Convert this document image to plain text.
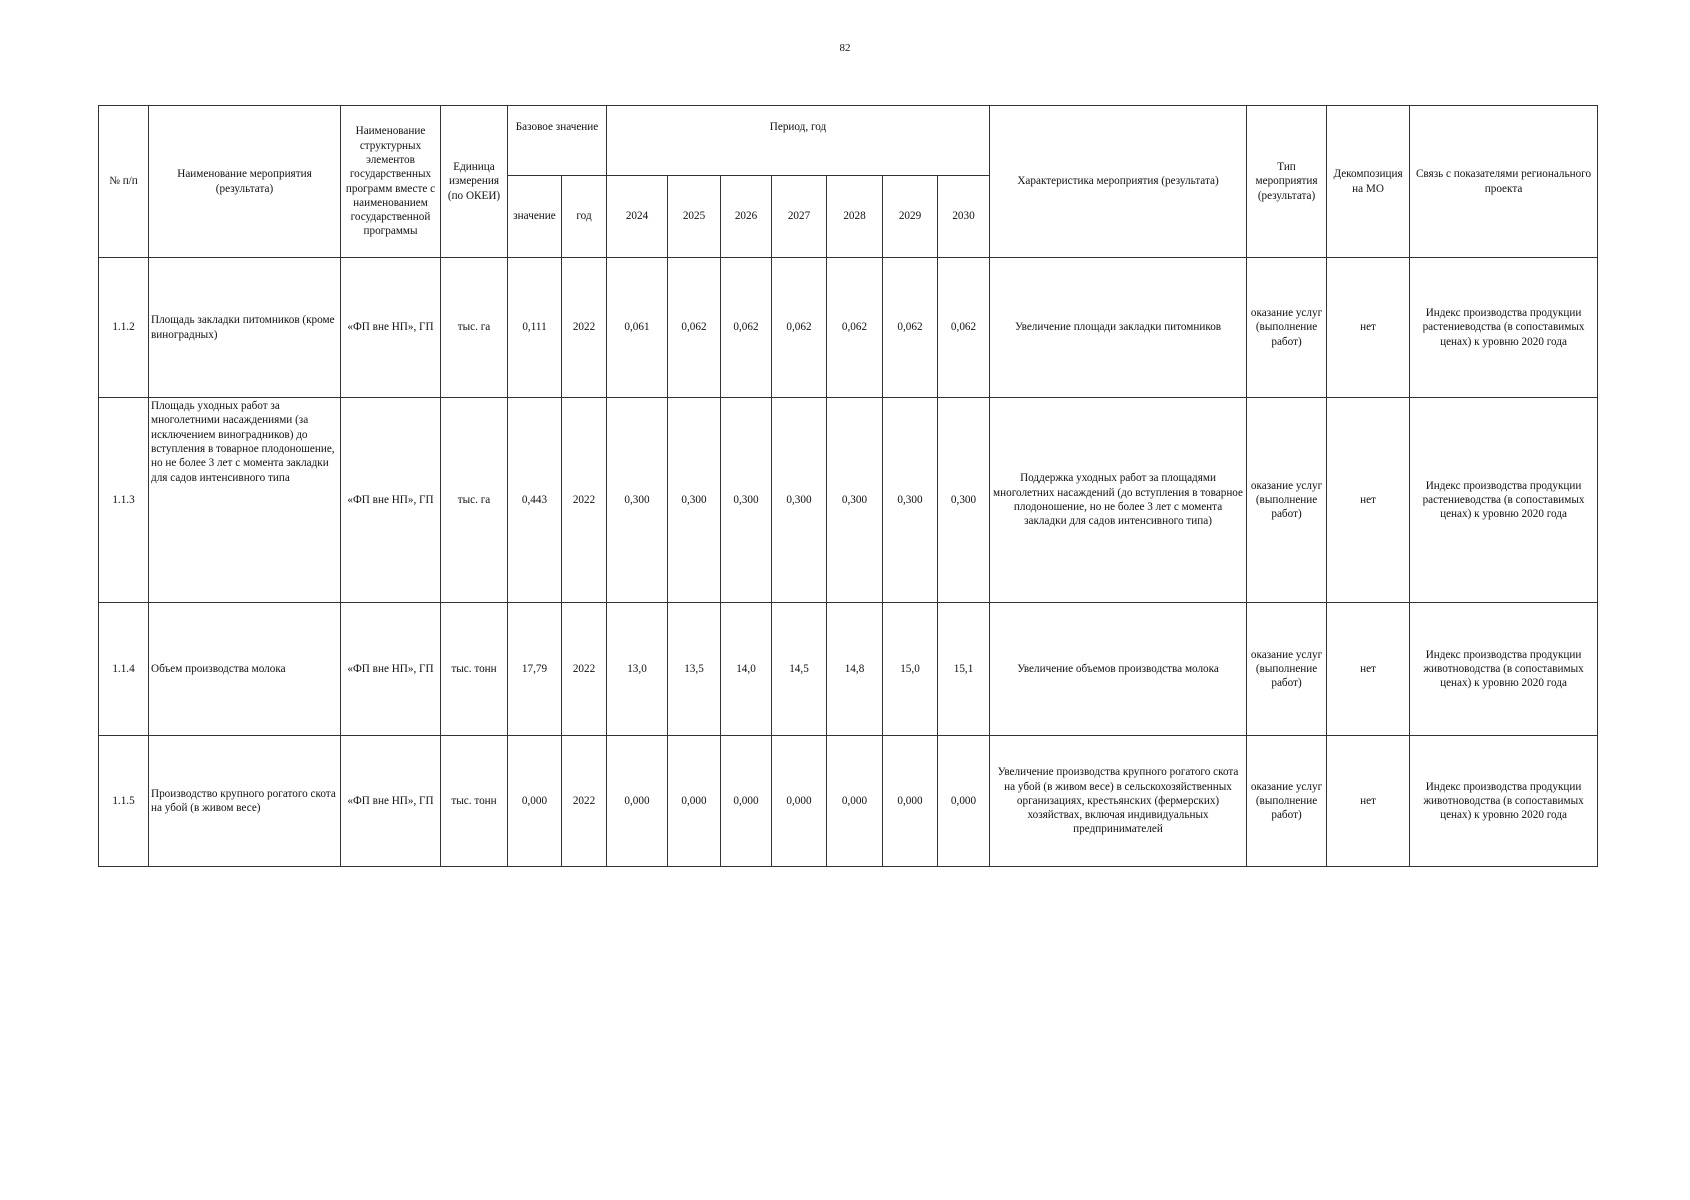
82
№ п/п	Наименование мероприятия (результата)	Наименование структурных элементов государственных программ вместе с наименованием государственной программы	Единица измерения (по ОКЕИ)	Базовое значение		Период, год							Характеристика мероприятия (результата)	Тип мероприятия (результата)	Декомпозиция на МО	Связь с показателями регионального проекта
				значение	год	2024	2025	2026	2027	2028	2029	2030				
1.1.2	Площадь закладки питомников (кроме виноградных)	«ФП вне НП», ГП	тыс. га	0,111	2022	0,061	0,062	0,062	0,062	0,062	0,062	0,062	Увеличение площади закладки питомников	оказание услуг (выполнение работ)	нет	Индекс производства продукции растениеводства (в сопоставимых ценах) к уровню 2020 года
1.1.3	Площадь уходных работ за многолетними насаждениями (за исключением виноградников) до вступления в товарное плодоношение, но не более 3 лет с момента закладки для садов интенсивного типа	«ФП вне НП», ГП	тыс. га	0,443	2022	0,300	0,300	0,300	0,300	0,300	0,300	0,300	Поддержка уходных работ за площадями многолетних насаждений (до вступления в товарное плодоношение, но не более 3 лет с момента закладки для садов интенсивного типа)	оказание услуг (выполнение работ)	нет	Индекс производства продукции растениеводства (в сопоставимых ценах) к уровню 2020 года
1.1.4	Объем производства молока	«ФП вне НП», ГП	тыс. тонн	17,79	2022	13,0	13,5	14,0	14,5	14,8	15,0	15,1	Увеличение объемов производства молока	оказание услуг (выполнение работ)	нет	Индекс производства продукции животноводства (в сопоставимых ценах) к уровню 2020 года
1.1.5	Производство крупного рогатого скота на убой (в живом весе)	«ФП вне НП», ГП	тыс. тонн	0,000	2022	0,000	0,000	0,000	0,000	0,000	0,000	0,000	Увеличение производства крупного рогатого скота на убой (в живом весе) в сельскохозяйственных организациях, крестьянских (фермерских) хозяйствах, включая индивидуальных предпринимателей	оказание услуг (выполнение работ)	нет	Индекс производства продукции животноводства (в сопоставимых ценах) к уровню 2020 года
